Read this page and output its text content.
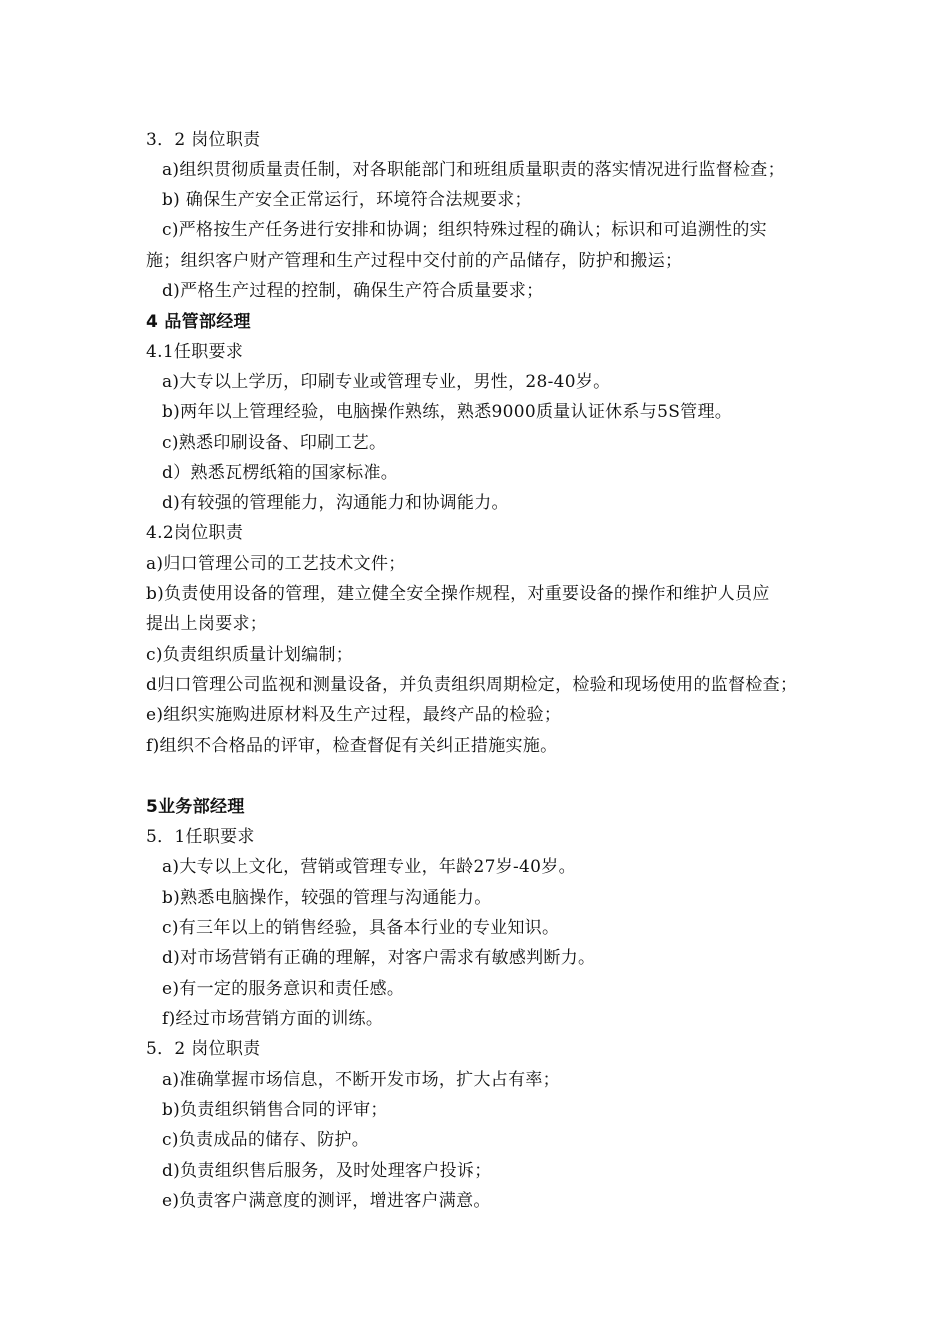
3．2 岗位职责
a)组织贯彻质量责任制，对各职能部门和班组质量职责的落实情况进行监督检查；
b) 确保生产安全正常运行，环境符合法规要求；
c)严格按生产任务进行安排和协调；组织特殊过程的确认；标识和可追溯性的实
施；组织客户财产管理和生产过程中交付前的产品储存，防护和搬运；
d)严格生产过程的控制，确保生产符合质量要求；
4 品管部经理
4.1任职要求
a)大专以上学历，印刷专业或管理专业，男性，28-40岁。
b)两年以上管理经验，电脑操作熟练，熟悉9000质量认证休系与5S管理。
c)熟悉印刷设备、印刷工艺。
d）熟悉瓦楞纸箱的国家标准。
d)有较强的管理能力，沟通能力和协调能力。
4.2岗位职责
a)归口管理公司的工艺技术文件；
b)负责使用设备的管理，建立健全安全操作规程，对重要设备的操作和维护人员应
提出上岗要求；
c)负责组织质量计划编制；
d归口管理公司监视和测量设备，并负责组织周期检定，检验和现场使用的监督检查；
e)组织实施购进原材料及生产过程，最终产品的检验；
f)组织不合格品的评审，检查督促有关纠正措施实施。
5业务部经理
5．1任职要求
a)大专以上文化，营销或管理专业，年龄27岁-40岁。
b)熟悉电脑操作，较强的管理与沟通能力。
c)有三年以上的销售经验，具备本行业的专业知识。
d)对市场营销有正确的理解，对客户需求有敏感判断力。
e)有一定的服务意识和责任感。
f)经过市场营销方面的训练。
5．2 岗位职责
a)准确掌握市场信息，不断开发市场，扩大占有率；
b)负责组织销售合同的评审；
c)负责成品的储存、防护。
d)负责组织售后服务，及时处理客户投诉；
e)负责客户满意度的测评，增进客户满意。
